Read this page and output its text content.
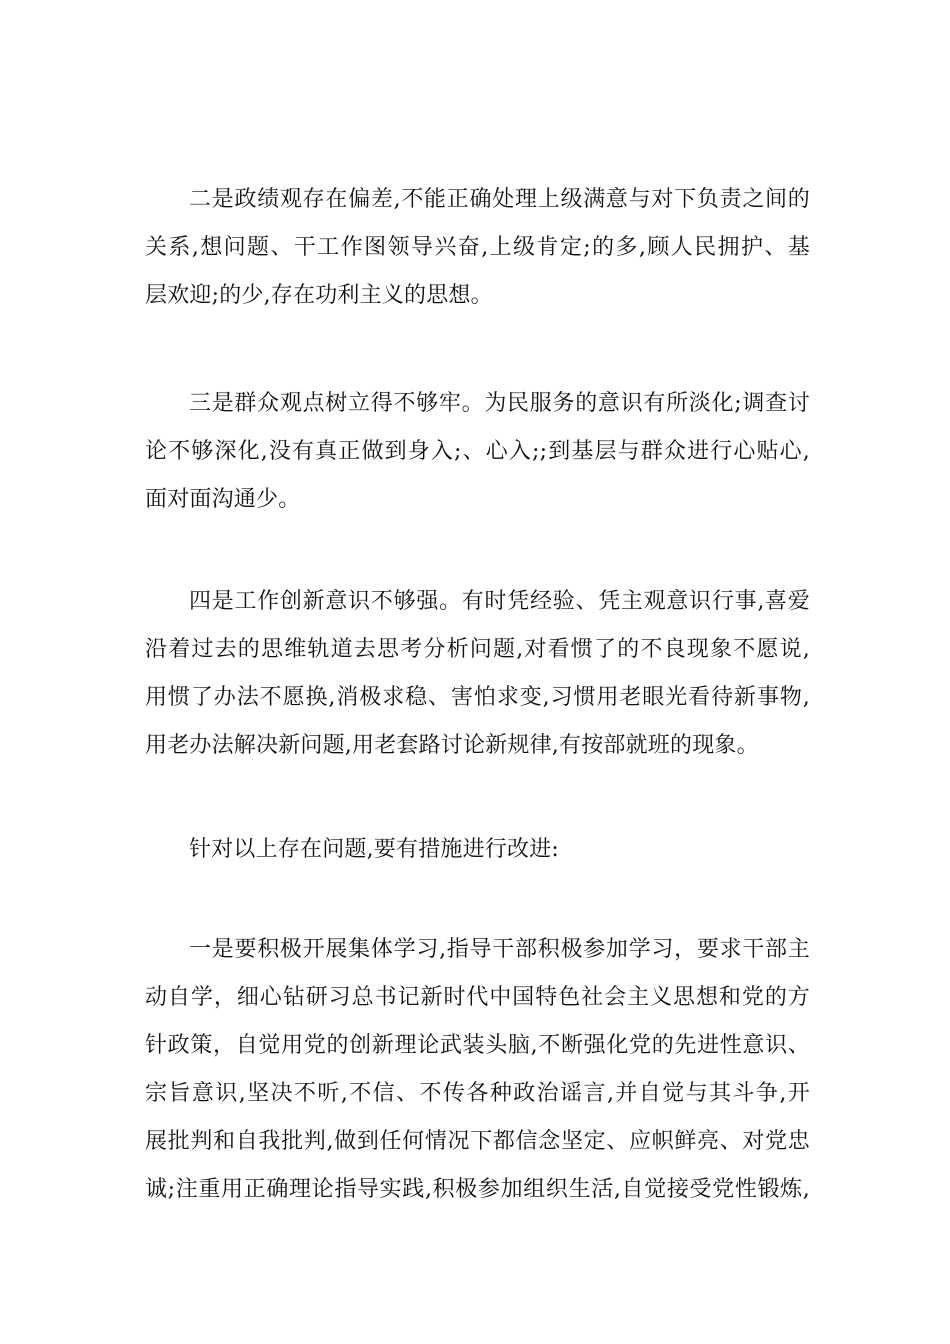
二是政绩观存在偏差,不能正确处理上级满意与对下负责之间的
关系,想问题、干工作图领导兴奋,上级肯定;的多,顾人民拥护、基
层欢迎;的少,存在功利主义的思想。
三是群众观点树立得不够牢。为民服务的意识有所淡化;调查讨
论不够深化,没有真正做到身入;、心入;;到基层与群众进行心贴心,
面对面沟通少。
四是工作创新意识不够强。有时凭经验、凭主观意识行事,喜爱
沿着过去的思维轨道去思考分析问题,对看惯了的不良现象不愿说,
用惯了办法不愿换,消极求稳、害怕求变,习惯用老眼光看待新事物,
用老办法解决新问题,用老套路讨论新规律,有按部就班的现象。
针对以上存在问题,要有措施进行改进:
一是要积极开展集体学习,指导干部积极参加学习，要求干部主
动自学，细心钻研习总书记新时代中国特色社会主义思想和党的方
针政策，自觉用党的创新理论武装头脑,不断强化党的先进性意识、
宗旨意识,坚决不听,不信、不传各种政治谣言,并自觉与其斗争,开
展批判和自我批判,做到任何情况下都信念坚定、应帜鲜亮、对党忠
诚;注重用正确理论指导实践,积极参加组织生活,自觉接受党性锻炼,
